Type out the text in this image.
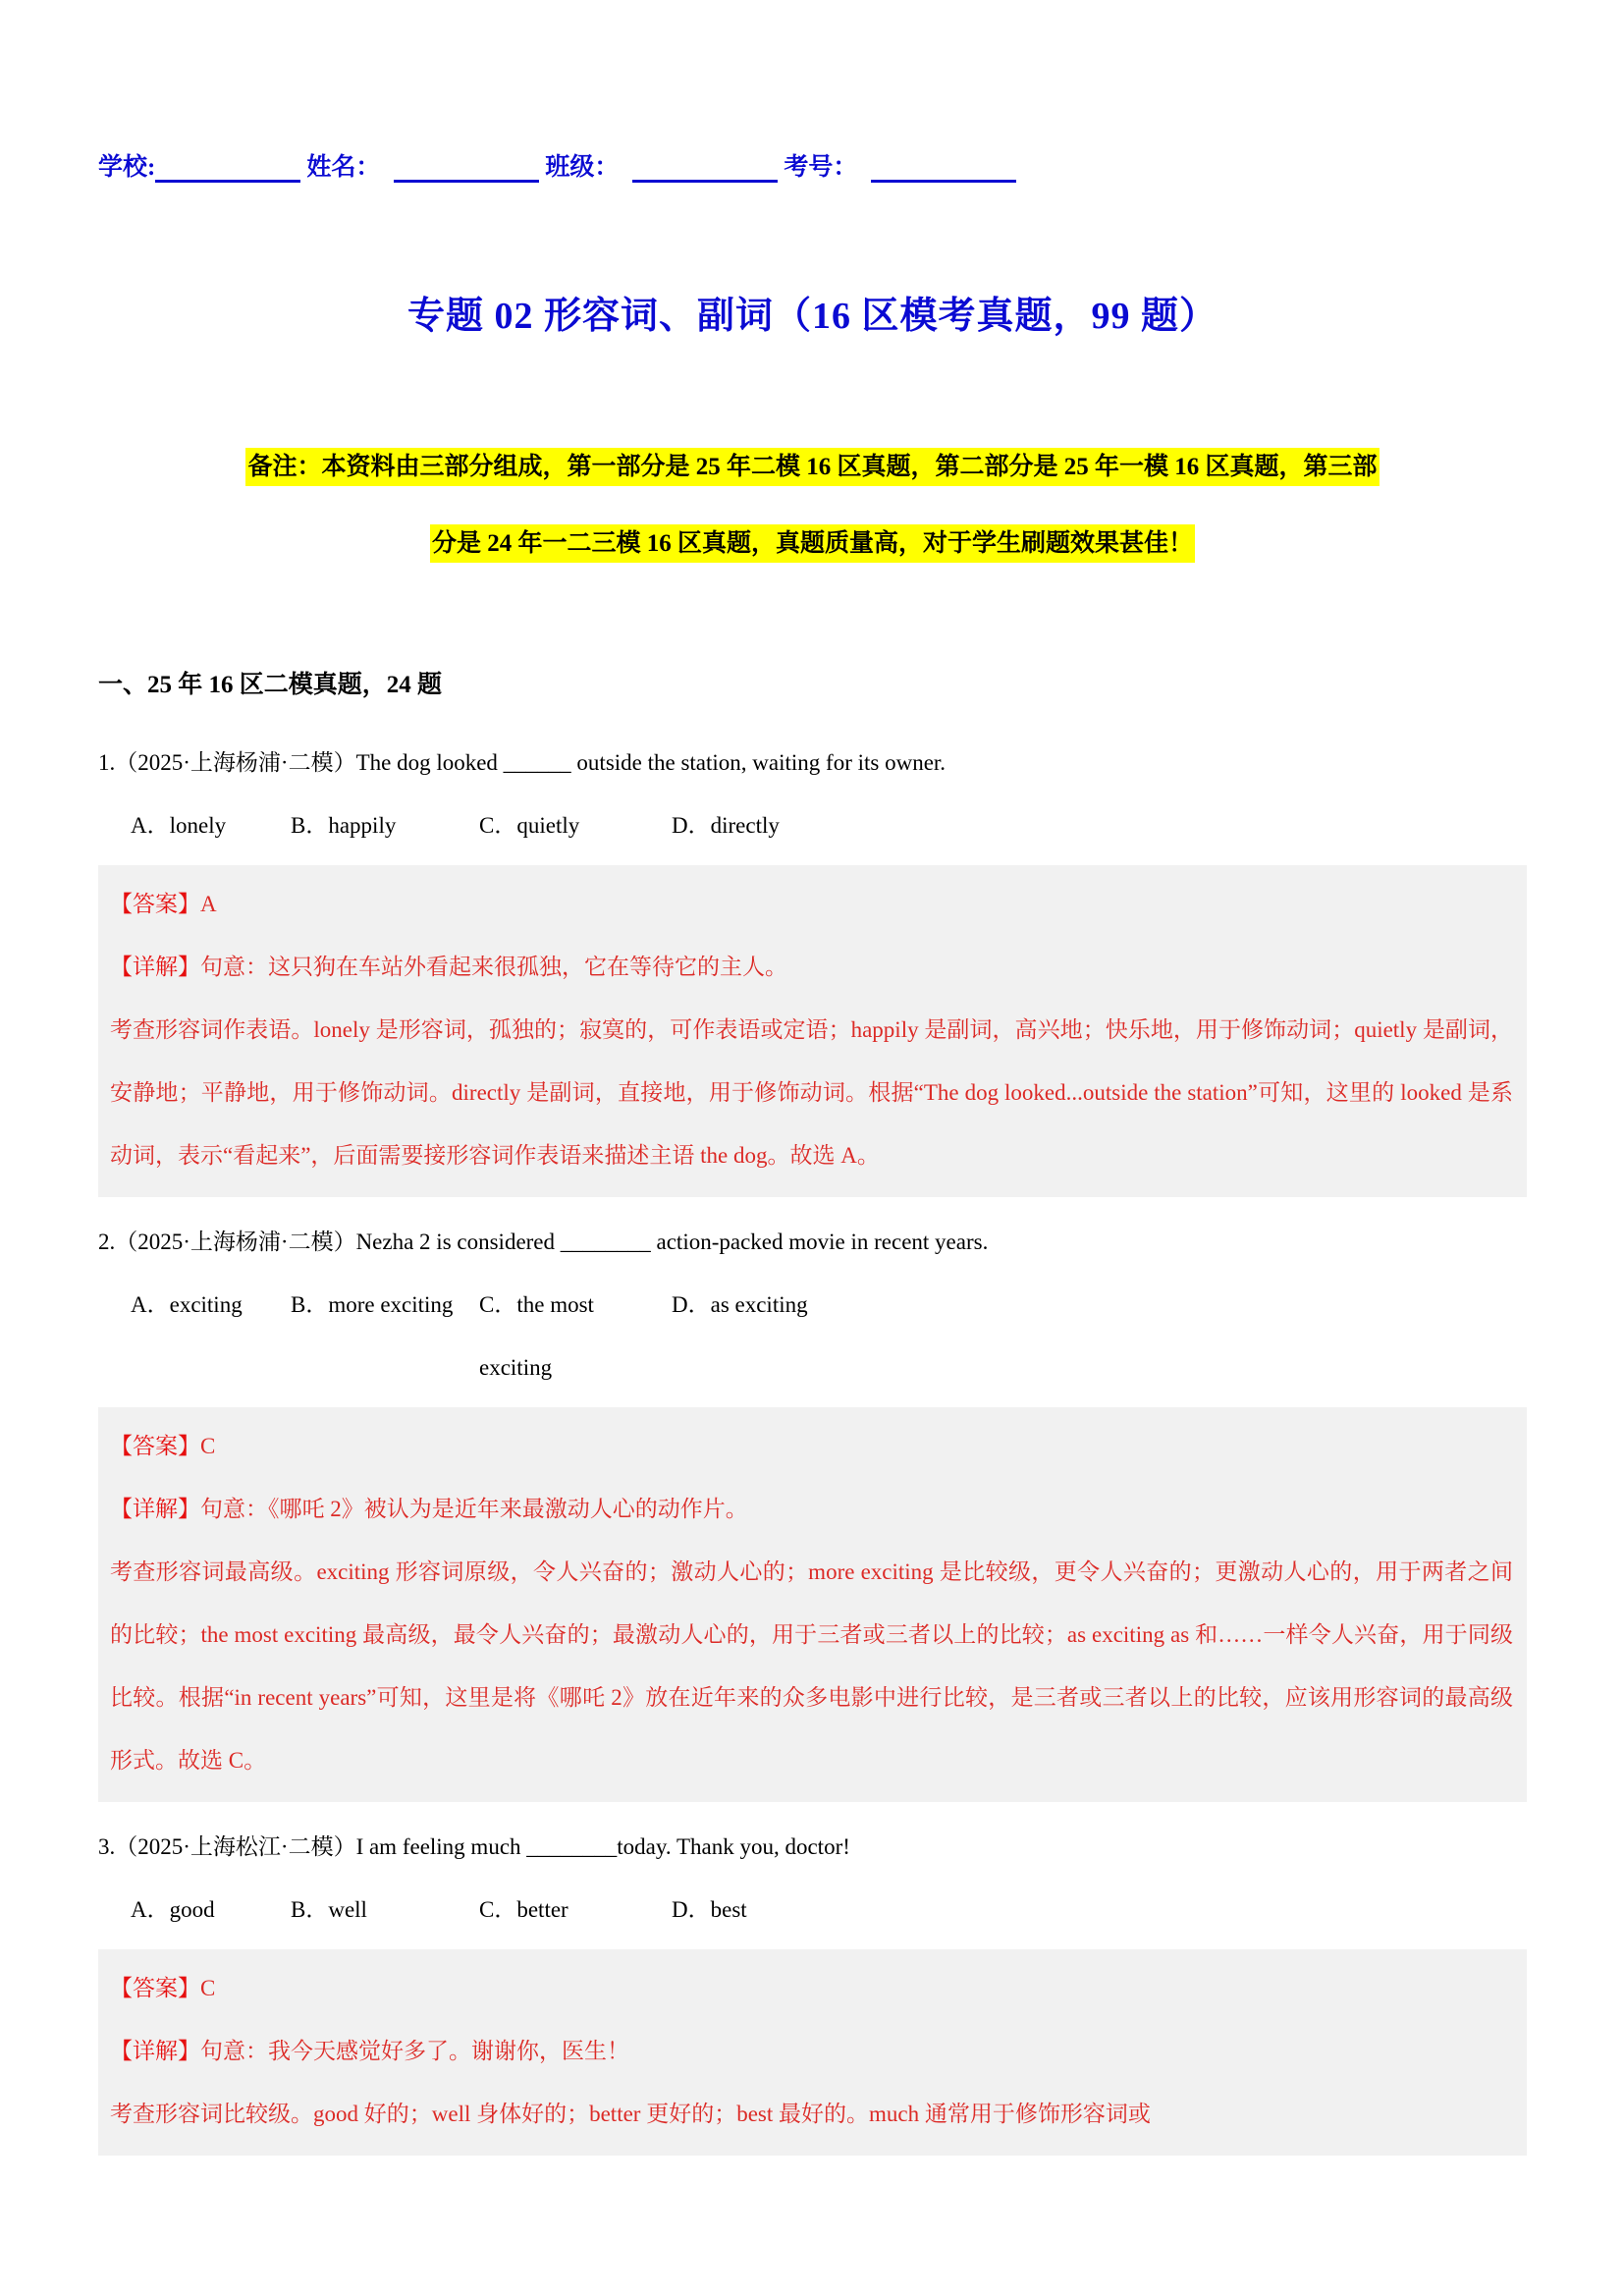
学校:	姓名：	班级：	考号：
专题 02 形容词、副词（16 区模考真题，99 题）
备注：本资料由三部分组成，第一部分是 25 年二模 16 区真题，第二部分是 25 年一模 16 区真题，第三部
分是 24 年一二三模 16 区真题，真题质量高，对于学生刷题效果甚佳！
一、25 年 16 区二模真题，24 题

1.（2025·上海杨浦·二模）The dog looked ______ outside the station, waiting for its owner.

A．lonely	B．happily	C．quietly	D．directly

【答案】A

【详解】句意：这只狗在车站外看起来很孤独，它在等待它的主人。

考查形容词作表语。lonely 是形容词，孤独的；寂寞的，可作表语或定语；happily 是副词，高兴地；快乐地，用于修饰动词；quietly 是副词，安静地；平静地，用于修饰动词。directly 是副词，直接地，用于修饰动词。根据“The dog looked...outside the station”可知，这里的 looked 是系动词，表示“看起来”，后面需要接形容词作表语来描述主语 the dog。故选 A。

2.（2025·上海杨浦·二模）Nezha 2 is considered ________ action-packed movie in recent years.

A．exciting	B．more exciting	C．the most exciting
D．as exciting

【答案】C

【详解】句意：《哪吒 2》被认为是近年来最激动人心的动作片。

考查形容词最高级。exciting 形容词原级，令人兴奋的；激动人心的；more exciting 是比较级，更令人兴奋的；更激动人心的，用于两者之间的比较；the most exciting 最高级，最令人兴奋的；最激动人心的，用于三者或三者以上的比较；as exciting as 和……一样令人兴奋，用于同级比较。根据“in recent years”可知，这里是将《哪吒 2》放在近年来的众多电影中进行比较，是三者或三者以上的比较，应该用形容词的最高级形式。故选 C。

3.（2025·上海松江·二模）I am feeling much ________today. Thank you, doctor!

A．good	B．well	C．better	D．best

【答案】C

【详解】句意：我今天感觉好多了。谢谢你，医生！

考查形容词比较级。good 好的；well 身体好的；better 更好的；best 最好的。much 通常用于修饰形容词或
